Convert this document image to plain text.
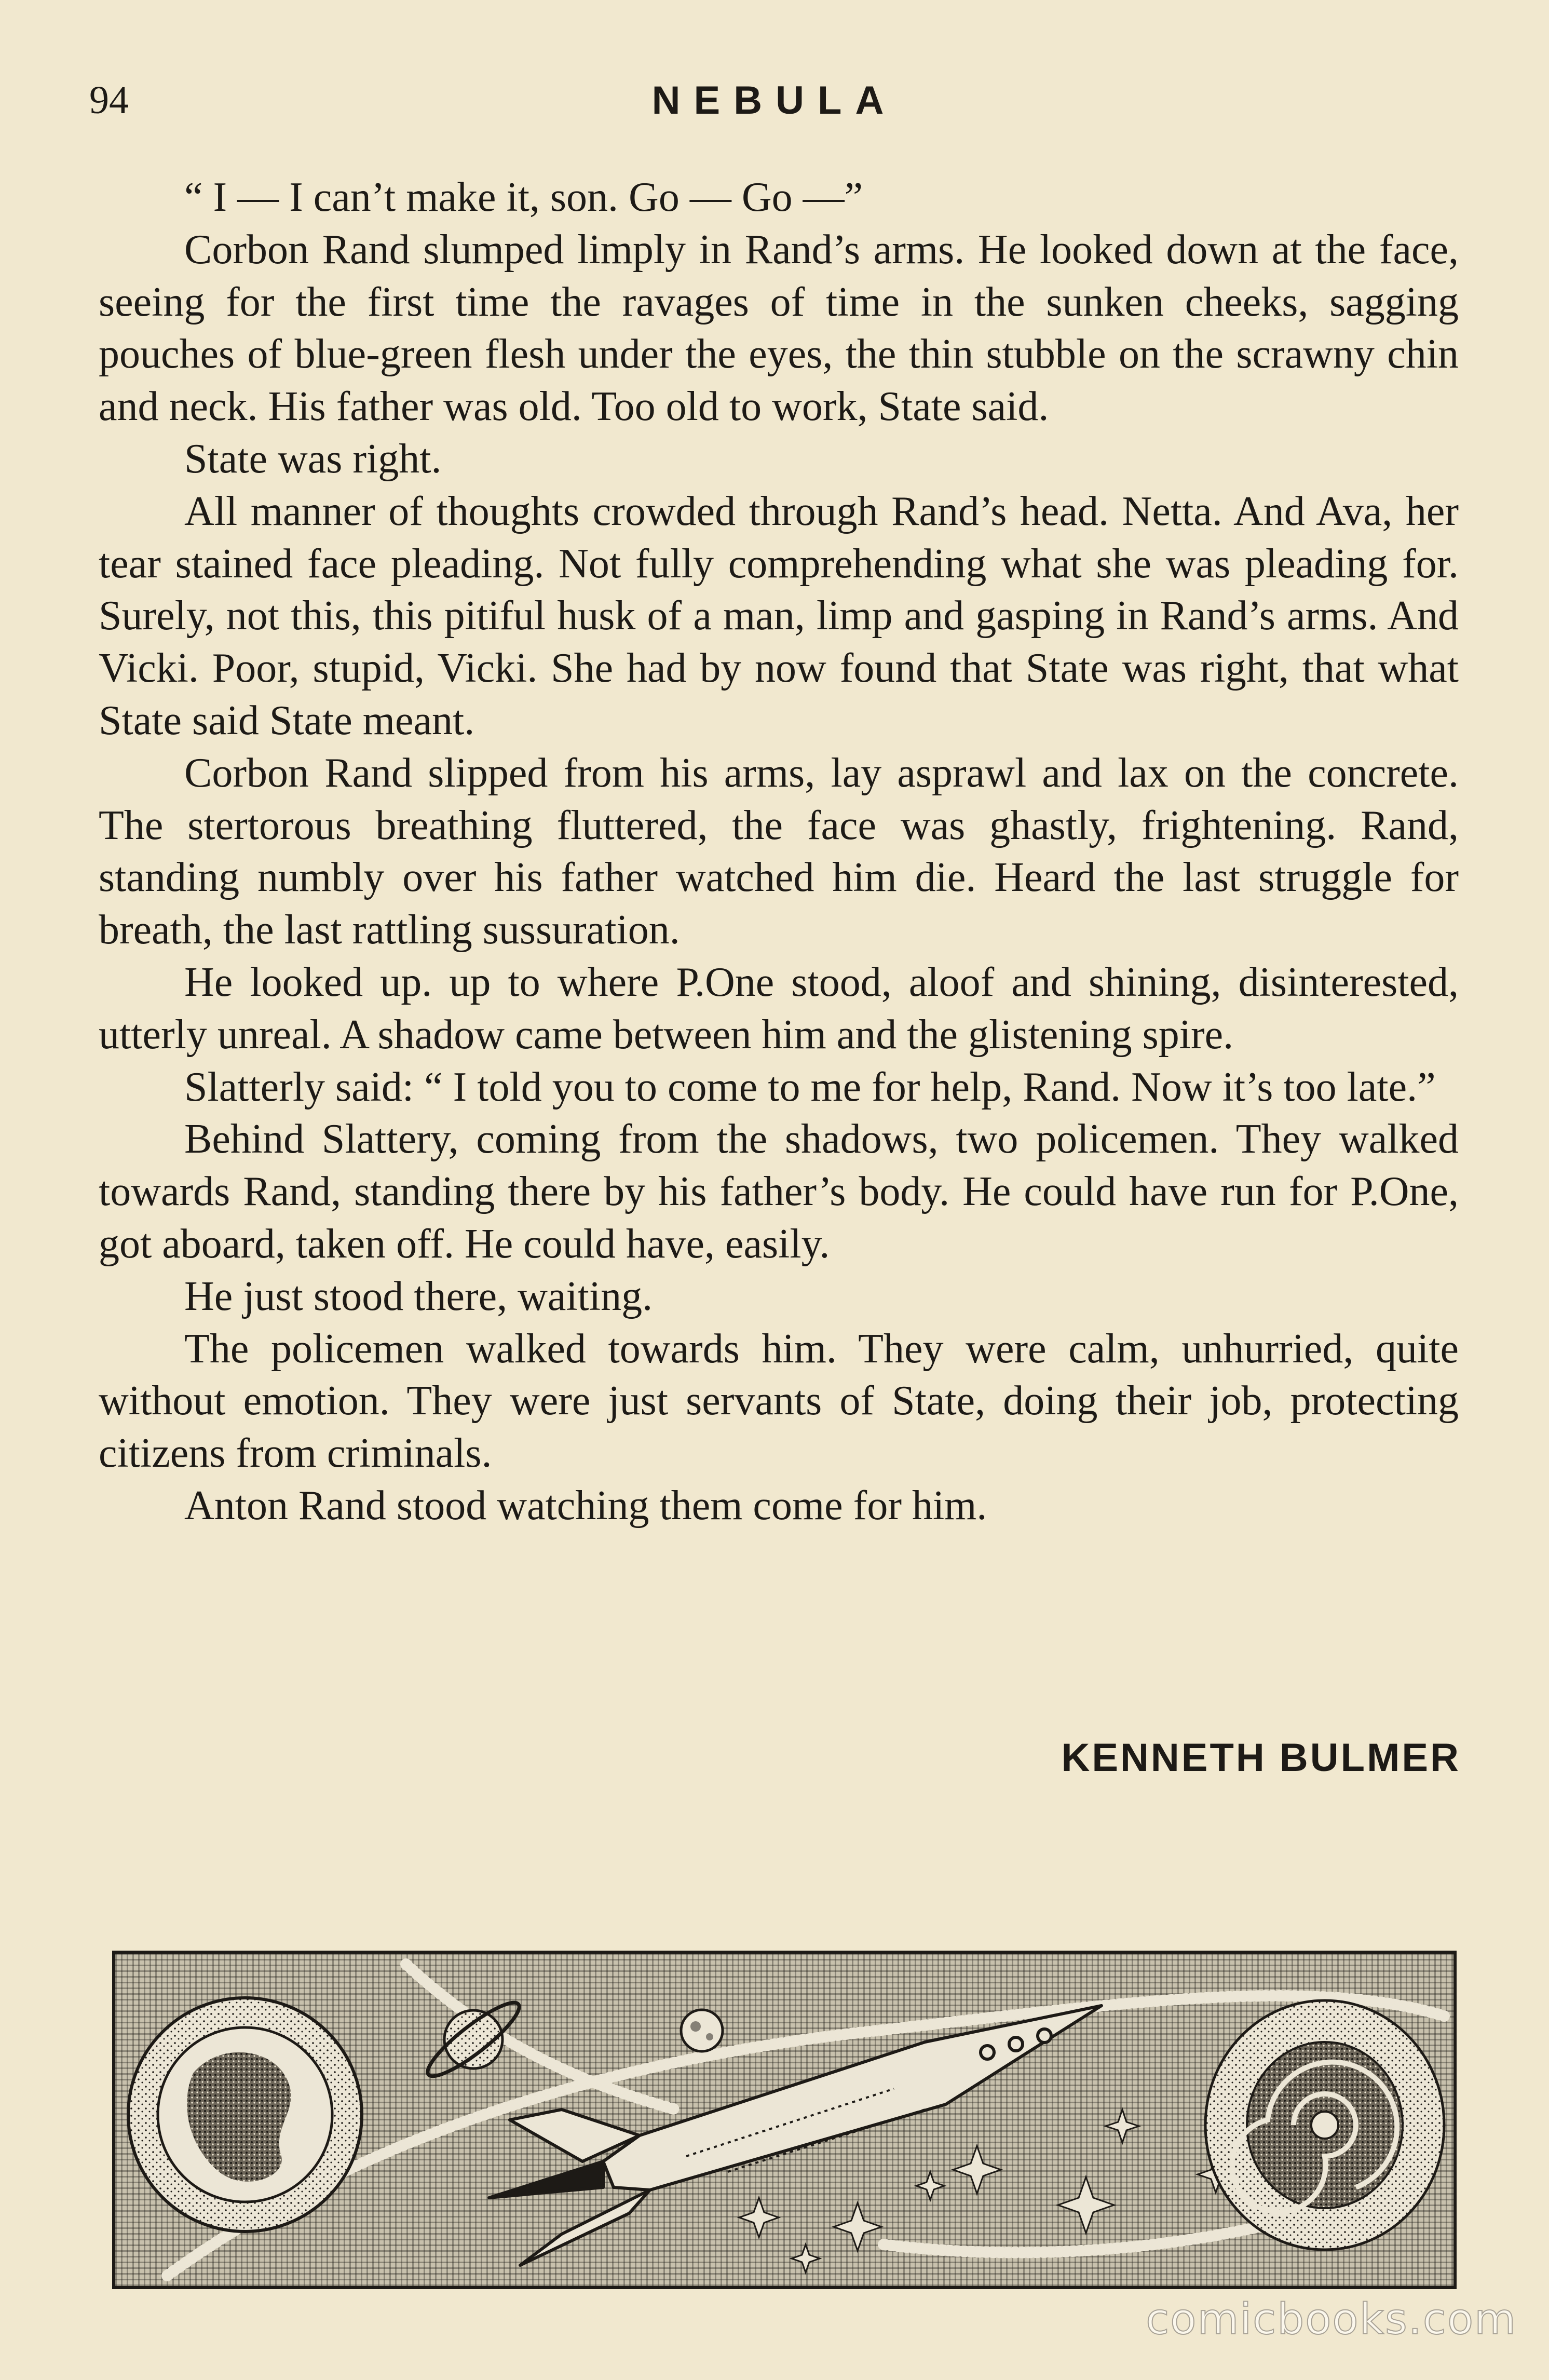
94	NEBULA

“ I — I can’t make it, son. Go — Go —”

Corbon Rand slumped limply in Rand’s arms. He looked down at the face, seeing for the first time the ravages of time in the sunken cheeks, sagging pouches of blue-green flesh under the eyes, the thin stubble on the scrawny chin and neck. His father was old. Too old to work, State said.

State was right.

All manner of thoughts crowded through Rand’s head. Netta. And Ava, her tear stained face pleading. Not fully comprehending what she was pleading for. Surely, not this, this pitiful husk of a man, limp and gasping in Rand’s arms. And Vicki. Poor, stupid, Vicki. She had by now found that State was right, that what State said State meant.

Corbon Rand slipped from his arms, lay asprawl and lax on the concrete. The stertorous breathing fluttered, the face was ghastly, frightening. Rand, standing numbly over his father watched him die. Heard the last struggle for breath, the last rattling sussuration.

He looked up. up to where P.One stood, aloof and shining, disinterested, utterly unreal. A shadow came between him and the glistening spire.

Slatterly said: “ I told you to come to me for help, Rand. Now it’s too late.”

Behind Slattery, coming from the shadows, two policemen. They walked towards Rand, standing there by his father’s body. He could have run for P.One, got aboard, taken off. He could have, easily.

He just stood there, waiting.

The policemen walked towards him. They were calm, unhurried, quite without emotion. They were just servants of State, doing their job, protecting citizens from criminals.

Anton Rand stood watching them come for him.

KENNETH BULMER
comicbooks.com
